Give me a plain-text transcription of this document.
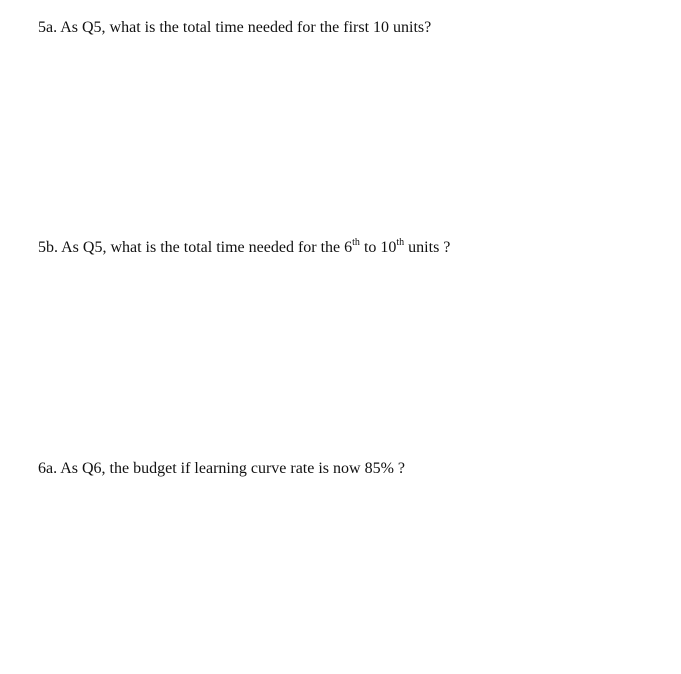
5a. As Q5, what is the total time needed for the first 10 units?
5b. As Q5, what is the total time needed for the 6th to 10th units ?
6a. As Q6, the budget if learning curve rate is now 85% ?
